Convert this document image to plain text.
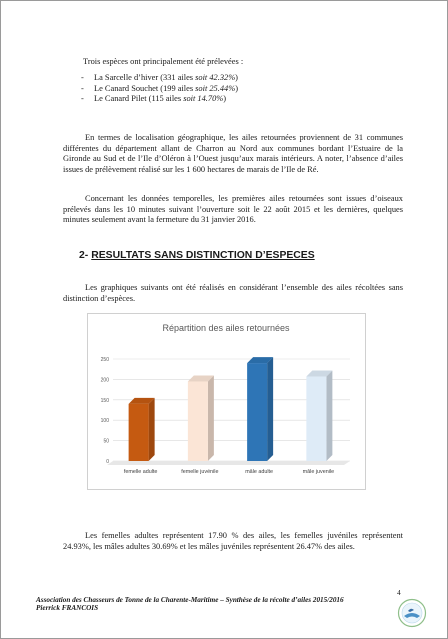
Trois espèces ont principalement été prélevées :
- La Sarcelle d’hiver (331 ailes soit 42.32%)
- Le Canard Souchet (199 ailes soit 25.44%)
- Le Canard Pilet (115 ailes soit 14.70%)
En termes de localisation géographique, les ailes retournées proviennent de 31 communes différentes du département allant de Charron au Nord aux communes bordant l’Estuaire de la Gironde au Sud et de l’Ile d’Oléron à l’Ouest jusqu’aux marais intérieurs. A noter, l’absence d’ailes issues de prélèvement réalisé sur les 1 600 hectares de marais de l’Ile de Ré.
Concernant les données temporelles, les premières ailes retournées sont issues d’oiseaux prélevés dans les 10 minutes suivant l’ouverture soit le 22 août 2015 et les dernières, quelques minutes seulement avant la fermeture du 31 janvier 2016.
2- RESULTATS SANS DISTINCTION D’ESPECES
Les graphiques suivants ont été réalisés en considérant l’ensemble des ailes récoltées sans distinction d’espèces.
Répartition des ailes retournées
0
50
100
150
200
250
femelle adulte	femelle juvénile	mâle adulte	mâle juvenile
Les femelles adultes représentent 17.90 % des ailes, les femelles juvéniles représentent 24.93%, les mâles adultes 30.69% et les mâles juvéniles représentent 26.47% des ailes.
Association des Chasseurs de Tonne de la Charente-Maritime – Synthèse de la récolte d’ailes 2015/2016
Pierrick FRANCOIS
4
